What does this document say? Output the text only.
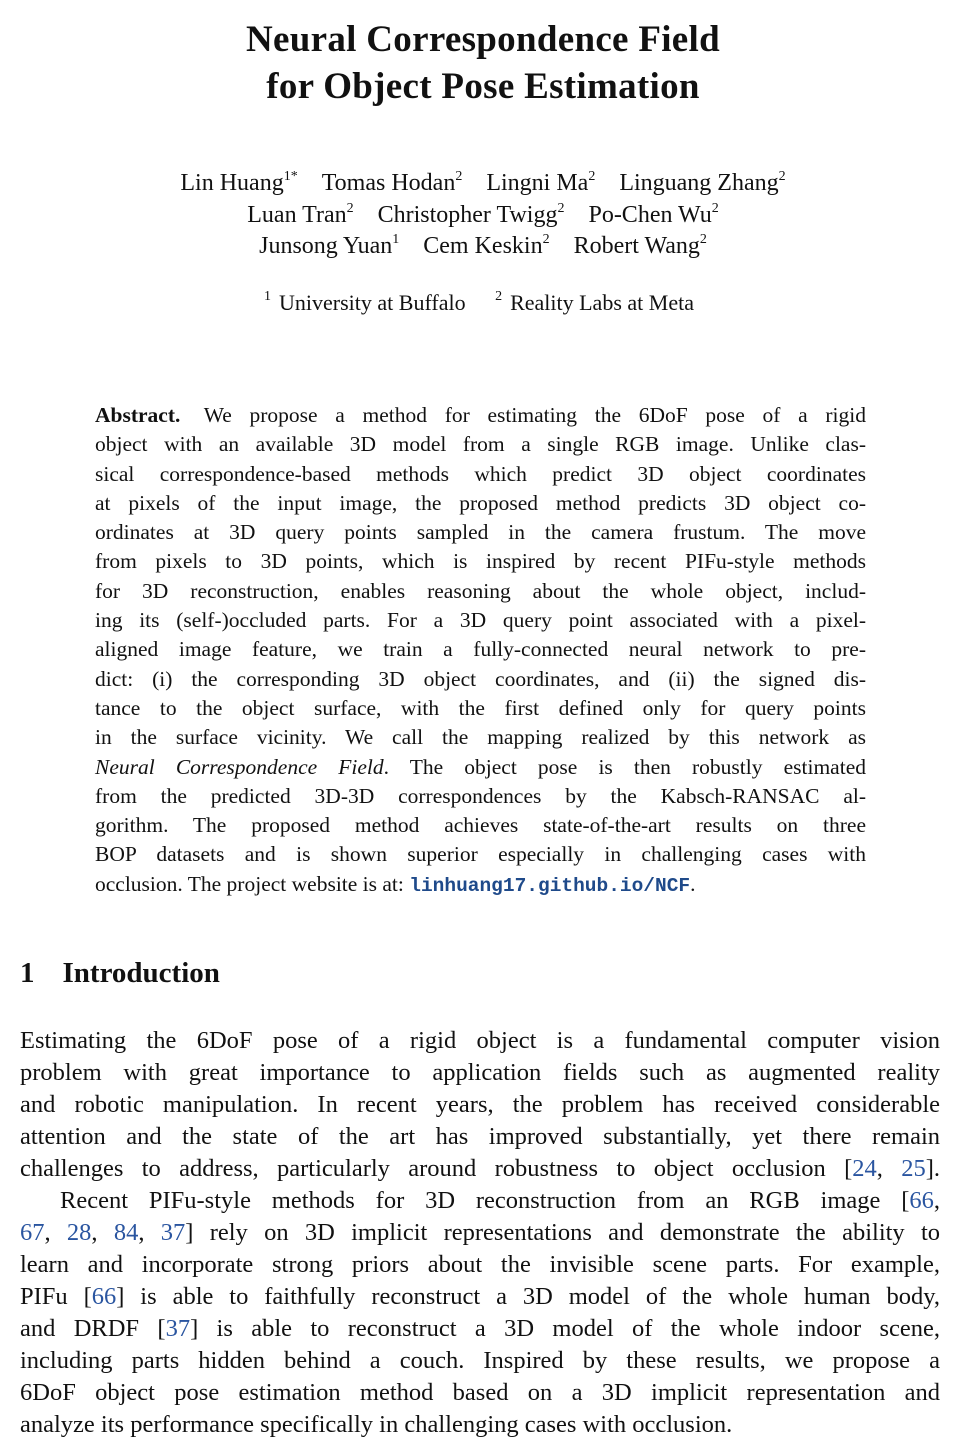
Neural Correspondence Field
for Object Pose Estimation
Lin Huang$^{1*}$ Tomas Hodan$^2$ Lingni Ma$^2$ Linguang Zhang$^2$
Luan Tran$^2$ Christopher Twigg$^2$ Po-Chen Wu$^2$
Junsong Yuan$^1$ Cem Keskin$^2$ Robert Wang$^2$
$^1$ University at Buffalo $^2$ Reality Labs at Meta
Abstract. We propose a method for estimating the 6DoF pose of a rigid
object with an available 3D model from a single RGB image. Unlike clas-
sical correspondence-based methods which predict 3D object coordinates
at pixels of the input image, the proposed method predicts 3D object co-
ordinates at 3D query points sampled in the camera frustum. The move
from pixels to 3D points, which is inspired by recent PIFu-style methods
for 3D reconstruction, enables reasoning about the whole object, includ-
ing its (self-)occluded parts. For a 3D query point associated with a pixel-
aligned image feature, we train a fully-connected neural network to pre-
dict: (i) the corresponding 3D object coordinates, and (ii) the signed dis-
tance to the object surface, with the first defined only for query points
in the surface vicinity. We call the mapping realized by this network as
Neural Correspondence Field. The object pose is then robustly estimated
from the predicted 3D-3D correspondences by the Kabsch-RANSAC al-
gorithm. The proposed method achieves state-of-the-art results on three
BOP datasets and is shown superior especially in challenging cases with
occlusion. The project website is at: linhuang17.github.io/NCF.
1 Introduction
Estimating the 6DoF pose of a rigid object is a fundamental computer vision
problem with great importance to application fields such as augmented reality
and robotic manipulation. In recent years, the problem has received considerable
attention and the state of the art has improved substantially, yet there remain
challenges to address, particularly around robustness to object occlusion [24, 25].
Recent PIFu-style methods for 3D reconstruction from an RGB image [66,
67, 28, 84, 37] rely on 3D implicit representations and demonstrate the ability to
learn and incorporate strong priors about the invisible scene parts. For example,
PIFu [66] is able to faithfully reconstruct a 3D model of the whole human body,
and DRDF [37] is able to reconstruct a 3D model of the whole indoor scene,
including parts hidden behind a couch. Inspired by these results, we propose a
6DoF object pose estimation method based on a 3D implicit representation and
analyze its performance specifically in challenging cases with occlusion.
